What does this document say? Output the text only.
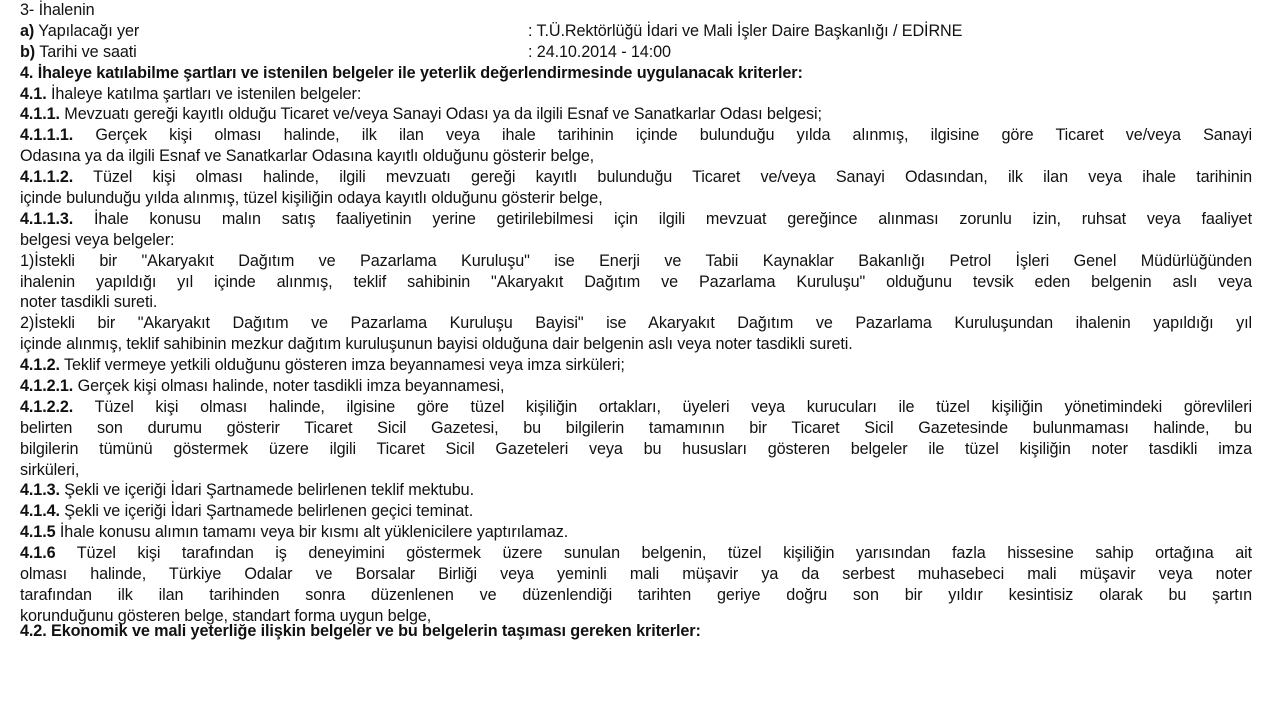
3- İhalenin
a) Yapılacağı yer	: T.Ü.Rektörlüğü İdari ve Mali İşler Daire Başkanlığı / EDİRNE
b) Tarihi ve saati	: 24.10.2014 - 14:00
4. İhaleye katılabilme şartları ve istenilen belgeler ile yeterlik değerlendirmesinde uygulanacak kriterler:
4.1. İhaleye katılma şartları ve istenilen belgeler:
4.1.1. Mevzuatı gereği kayıtlı olduğu Ticaret ve/veya Sanayi Odası ya da ilgili Esnaf ve Sanatkarlar Odası belgesi;
4.1.1.1. Gerçek kişi olması halinde, ilk ilan veya ihale tarihinin içinde bulunduğu yılda alınmış, ilgisine göre Ticaret ve/veya Sanayi
Odasına ya da ilgili Esnaf ve Sanatkarlar Odasına kayıtlı olduğunu gösterir belge,
4.1.1.2. Tüzel kişi olması halinde, ilgili mevzuatı gereği kayıtlı bulunduğu Ticaret ve/veya Sanayi Odasından, ilk ilan veya ihale tarihinin
içinde bulunduğu yılda alınmış, tüzel kişiliğin odaya kayıtlı olduğunu gösterir belge,
4.1.1.3. İhale konusu malın satış faaliyetinin yerine getirilebilmesi için ilgili mevzuat gereğince alınması zorunlu izin, ruhsat veya faaliyet
belgesi veya belgeler:
1)İstekli bir "Akaryakıt Dağıtım ve Pazarlama Kuruluşu" ise Enerji ve Tabii Kaynaklar Bakanlığı Petrol İşleri Genel Müdürlüğünden
ihalenin yapıldığı yıl içinde alınmış, teklif sahibinin "Akaryakıt Dağıtım ve Pazarlama Kuruluşu" olduğunu tevsik eden belgenin aslı veya
noter tasdikli sureti.
2)İstekli bir "Akaryakıt Dağıtım ve Pazarlama Kuruluşu Bayisi" ise Akaryakıt Dağıtım ve Pazarlama Kuruluşundan ihalenin yapıldığı yıl
içinde alınmış, teklif sahibinin mezkur dağıtım kuruluşunun bayisi olduğuna dair belgenin aslı veya noter tasdikli sureti.
4.1.2. Teklif vermeye yetkili olduğunu gösteren imza beyannamesi veya imza sirküleri;
4.1.2.1. Gerçek kişi olması halinde, noter tasdikli imza beyannamesi,
4.1.2.2. Tüzel kişi olması halinde, ilgisine göre tüzel kişiliğin ortakları, üyeleri veya kurucuları ile tüzel kişiliğin yönetimindeki görevlileri
belirten son durumu gösterir Ticaret Sicil Gazetesi, bu bilgilerin tamamının bir Ticaret Sicil Gazetesinde bulunmaması halinde, bu
bilgilerin tümünü göstermek üzere ilgili Ticaret Sicil Gazeteleri veya bu hususları gösteren belgeler ile tüzel kişiliğin noter tasdikli imza
sirküleri,
4.1.3. Şekli ve içeriği İdari Şartnamede belirlenen teklif mektubu.
4.1.4. Şekli ve içeriği İdari Şartnamede belirlenen geçici teminat.
4.1.5 İhale konusu alımın tamamı veya bir kısmı alt yüklenicilere yaptırılamaz.
4.1.6 Tüzel kişi tarafından iş deneyimini göstermek üzere sunulan belgenin, tüzel kişiliğin yarısından fazla hissesine sahip ortağına ait
olması halinde, Türkiye Odalar ve Borsalar Birliği veya yeminli mali müşavir ya da serbest muhasebeci mali müşavir veya noter
tarafından ilk ilan tarihinden sonra düzenlenen ve düzenlendiği tarihten geriye doğru son bir yıldır kesintisiz olarak bu şartın
korunduğunu gösteren belge, standart forma uygun belge,
4.2. Ekonomik ve mali yeterliğe ilişkin belgeler ve bu belgelerin taşıması gereken kriterler:
